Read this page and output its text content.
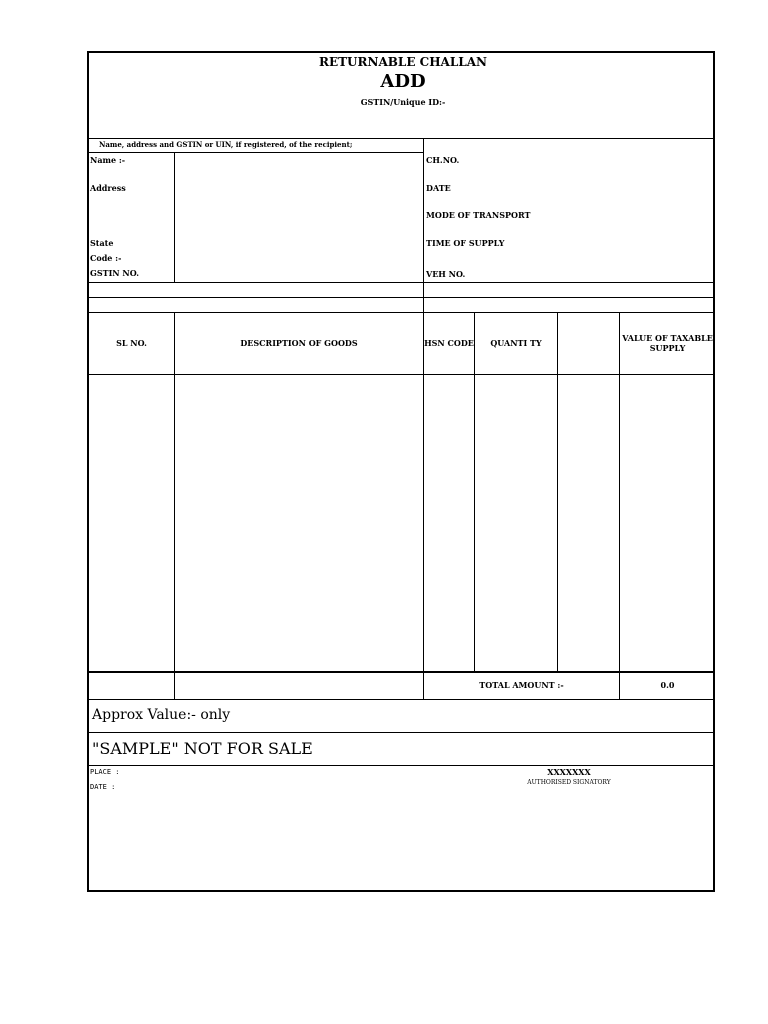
RETURNABLE CHALLAN
ADD
GSTIN/Unique ID:-
Name, address and GSTIN or UIN, if registered, of the recipient;
Name :-
Address
State
Code :-
GSTIN NO.
CH.NO.
DATE
MODE OF TRANSPORT
TIME OF SUPPLY
VEH NO.
SL NO.	DESCRIPTION OF GOODS	HSN CODE	QUANTI TY	VALUE OF TAXABLE SUPPLY
TOTAL AMOUNT :-	0.0
Approx Value:- only
"SAMPLE" NOT FOR SALE
PLACE :
DATE :
XXXXXXX
AUTHORISED SIGNATORY
